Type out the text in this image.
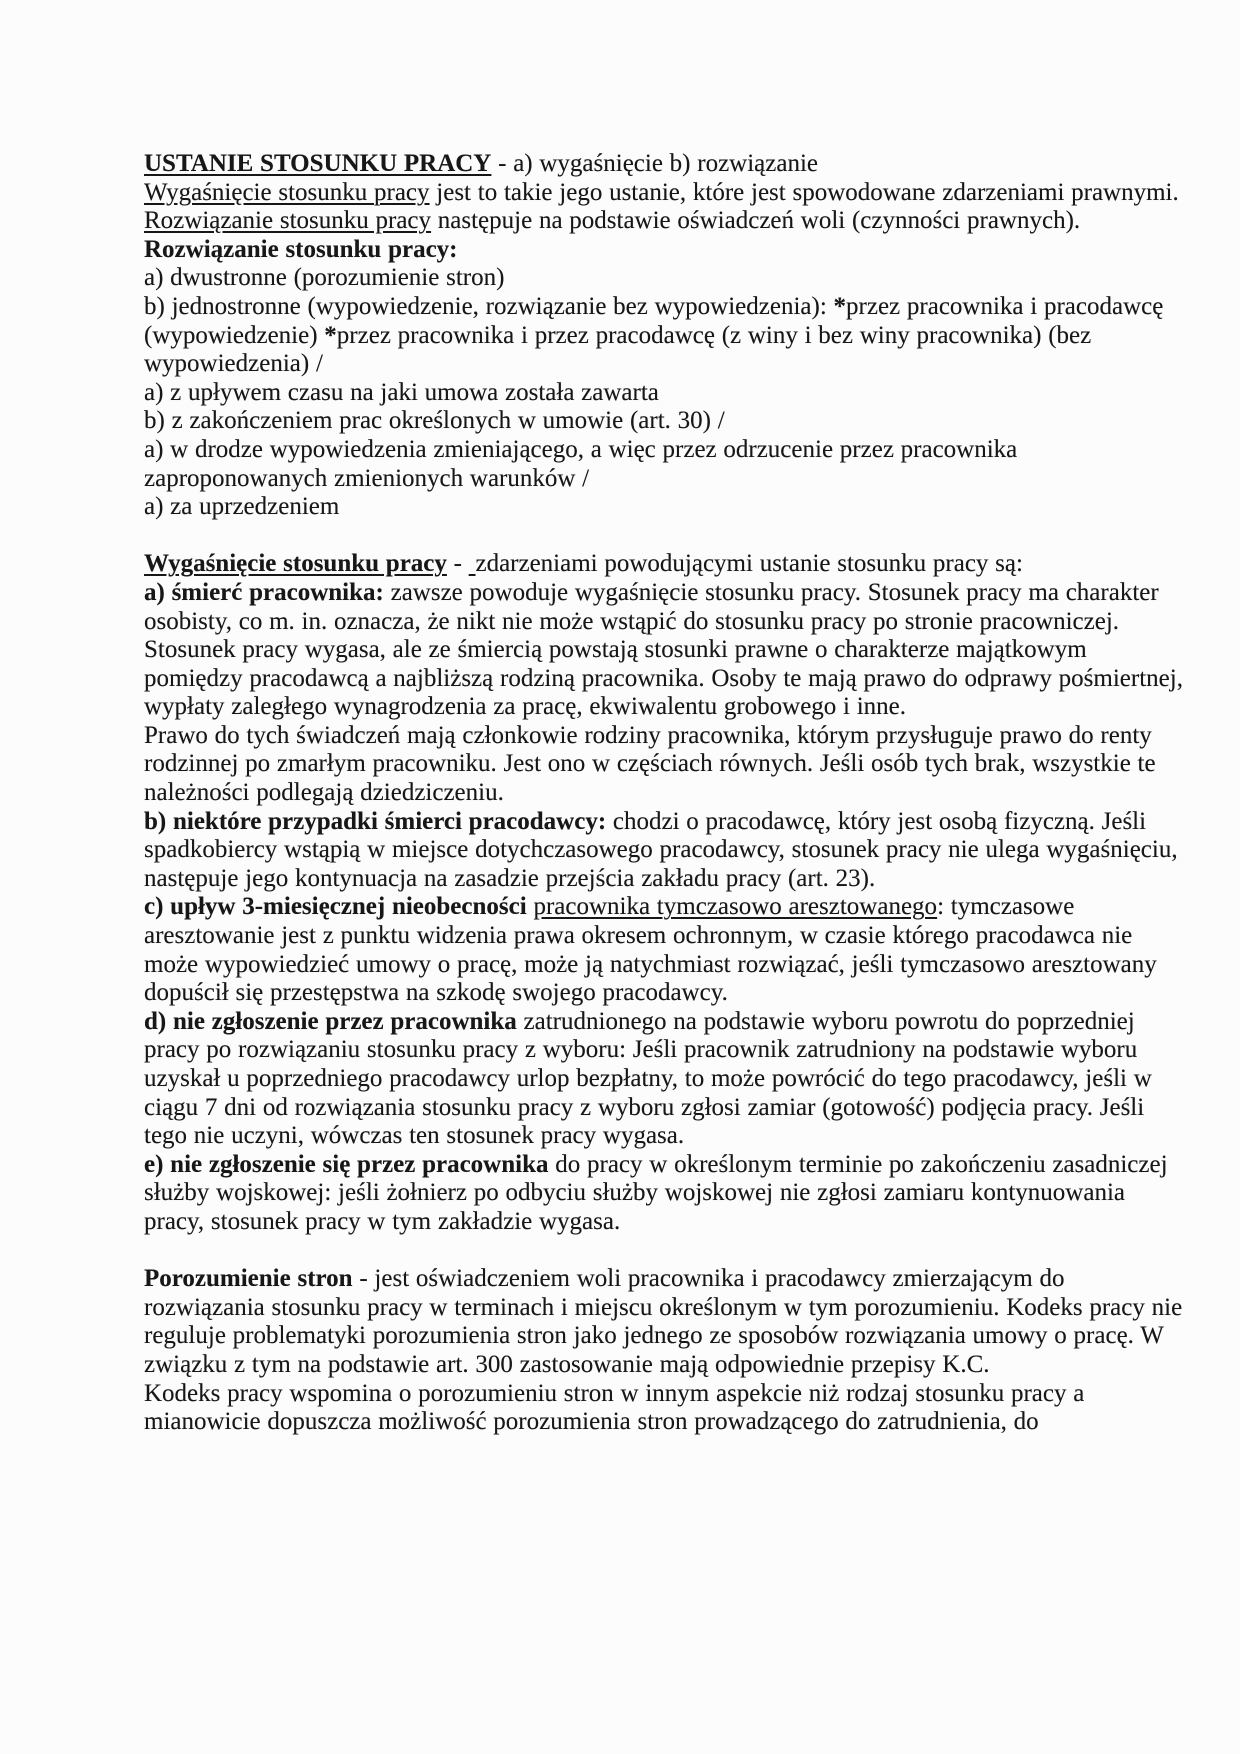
USTANIE STOSUNKU PRACY - a) wygaśnięcie b) rozwiązanie

Wygaśnięcie stosunku pracy jest to takie jego ustanie, które jest spowodowane zdarzeniami prawnymi.

Rozwiązanie stosunku pracy następuje na podstawie oświadczeń woli (czynności prawnych).

Rozwiązanie stosunku pracy:

a) dwustronne (porozumienie stron)

b) jednostronne (wypowiedzenie, rozwiązanie bez wypowiedzenia): *przez pracownika i pracodawcę (wypowiedzenie) *przez pracownika i przez pracodawcę (z winy i bez winy pracownika) (bez wypowiedzenia) /

a) z upływem czasu na jaki umowa została zawarta

b) z zakończeniem prac określonych w umowie (art. 30) /

a) w drodze wypowiedzenia zmieniającego, a więc przez odrzucenie przez pracownika zaproponowanych zmienionych warunków /

a) za uprzedzeniem

Wygaśnięcie stosunku pracy -  zdarzeniami powodującymi ustanie stosunku pracy są:

a) śmierć pracownika: zawsze powoduje wygaśnięcie stosunku pracy. Stosunek pracy ma charakter osobisty, co m. in. oznacza, że nikt nie może wstąpić do stosunku pracy po stronie pracowniczej. Stosunek pracy wygasa, ale ze śmiercią powstają stosunki prawne o charakterze majątkowym pomiędzy pracodawcą a najbliższą rodziną pracownika. Osoby te mają prawo do odprawy pośmiertnej, wypłaty zaległego wynagrodzenia za pracę, ekwiwalentu grobowego i inne.

Prawo do tych świadczeń mają członkowie rodziny pracownika, którym przysługuje prawo do renty rodzinnej po zmarłym pracowniku. Jest ono w częściach równych. Jeśli osób tych brak, wszystkie te należności podlegają dziedziczeniu.

b) niektóre przypadki śmierci pracodawcy: chodzi o pracodawcę, który jest osobą fizyczną. Jeśli spadkobiercy wstąpią w miejsce dotychczasowego pracodawcy, stosunek pracy nie ulega wygaśnięciu, następuje jego kontynuacja na zasadzie przejścia zakładu pracy (art. 23).

c) upływ 3-miesięcznej nieobecności pracownika tymczasowo aresztowanego: tymczasowe aresztowanie jest z punktu widzenia prawa okresem ochronnym, w czasie którego pracodawca nie może wypowiedzieć umowy o pracę, może ją natychmiast rozwiązać, jeśli tymczasowo aresztowany dopuścił się przestępstwa na szkodę swojego pracodawcy.

d) nie zgłoszenie przez pracownika zatrudnionego na podstawie wyboru powrotu do poprzedniej pracy po rozwiązaniu stosunku pracy z wyboru: Jeśli pracownik zatrudniony na podstawie wyboru uzyskał u poprzedniego pracodawcy urlop bezpłatny, to może powrócić do tego pracodawcy, jeśli w ciągu 7 dni od rozwiązania stosunku pracy z wyboru zgłosi zamiar (gotowość) podjęcia pracy. Jeśli tego nie uczyni, wówczas ten stosunek pracy wygasa.

e) nie zgłoszenie się przez pracownika do pracy w określonym terminie po zakończeniu zasadniczej służby wojskowej: jeśli żołnierz po odbyciu służby wojskowej nie zgłosi zamiaru kontynuowania pracy, stosunek pracy w tym zakładzie wygasa.

Porozumienie stron - jest oświadczeniem woli pracownika i pracodawcy zmierzającym do rozwiązania stosunku pracy w terminach i miejscu określonym w tym porozumieniu. Kodeks pracy nie reguluje problematyki porozumienia stron jako jednego ze sposobów rozwiązania umowy o pracę. W związku z tym na podstawie art. 300 zastosowanie mają odpowiednie przepisy K.C.

Kodeks pracy wspomina o porozumieniu stron w innym aspekcie niż rodzaj stosunku pracy a mianowicie dopuszcza możliwość porozumienia stron prowadzącego do zatrudnienia, do
